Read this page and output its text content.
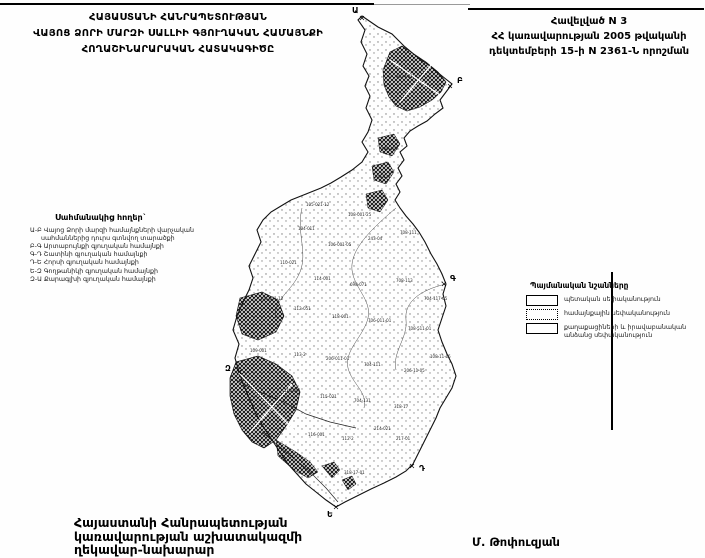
103-001
106-113
106-114
105-021-12
108-001-25
104-011
106-001-05
243-04
708-111
110-021
114-001
698-071
708-113
704-117-05
106-021-12
112-051
118-001
706-011-01
708-511-01
109-001
113-2
206-011-01
704-111
206-11-05
108-11-05
110-001
115-021
704-131
318-17
116-001
112-2
214-021
318-17-01
217-01
Ա
Բ
Գ
Դ
Ե
Զ
ՀԱՅԱՍՏԱՆԻ ՀԱՆՐԱՊԵՏՈՒԹՅԱՆ
ՎԱՅՈՑ ՁՈՐԻ ՄԱՐԶԻ ՍԱԼԼԻԻ ԳՅՈՒՂԱԿԱՆ ՀԱՄԱՅՆՔԻ
ՀՈՂԱՇԻՆԱՐԱՐԱԿԱՆ ՀԱՏԱԿԱԳԻԾԸ
Հավելված N 3
ՀՀ կառավարության 2005 թվականի
դեկտեմբերի 15-ի N 2361-Ն որոշման
Սահմանակից հողեր`
Ա-Բ Վայոց Ձորի մարզի համայնքների վարչական
սահմաններից դուրս գտնվող տարածքի
Բ-Գ Արտաբույնքի գյուղական համայնքի
Գ-Դ Շատինի գյուղական համայնքի
Դ-Ե Հորսի գյուղական համայնքի
Ե-Զ Գողթանիկի գյուղական համայնքի
Զ-Ա Քարագլխի գյուղական համայնքի
Պայմանական նշանները
պետական սեփականություն
համայնքային սեփականություն
քաղաքացիների և իրավաբանական
անձանց սեփականություն
Հայաստանի Հանրապետության
կառավարության աշխատակազմի
ղեկավար-նախարար	Մ. Թոփուզյան
